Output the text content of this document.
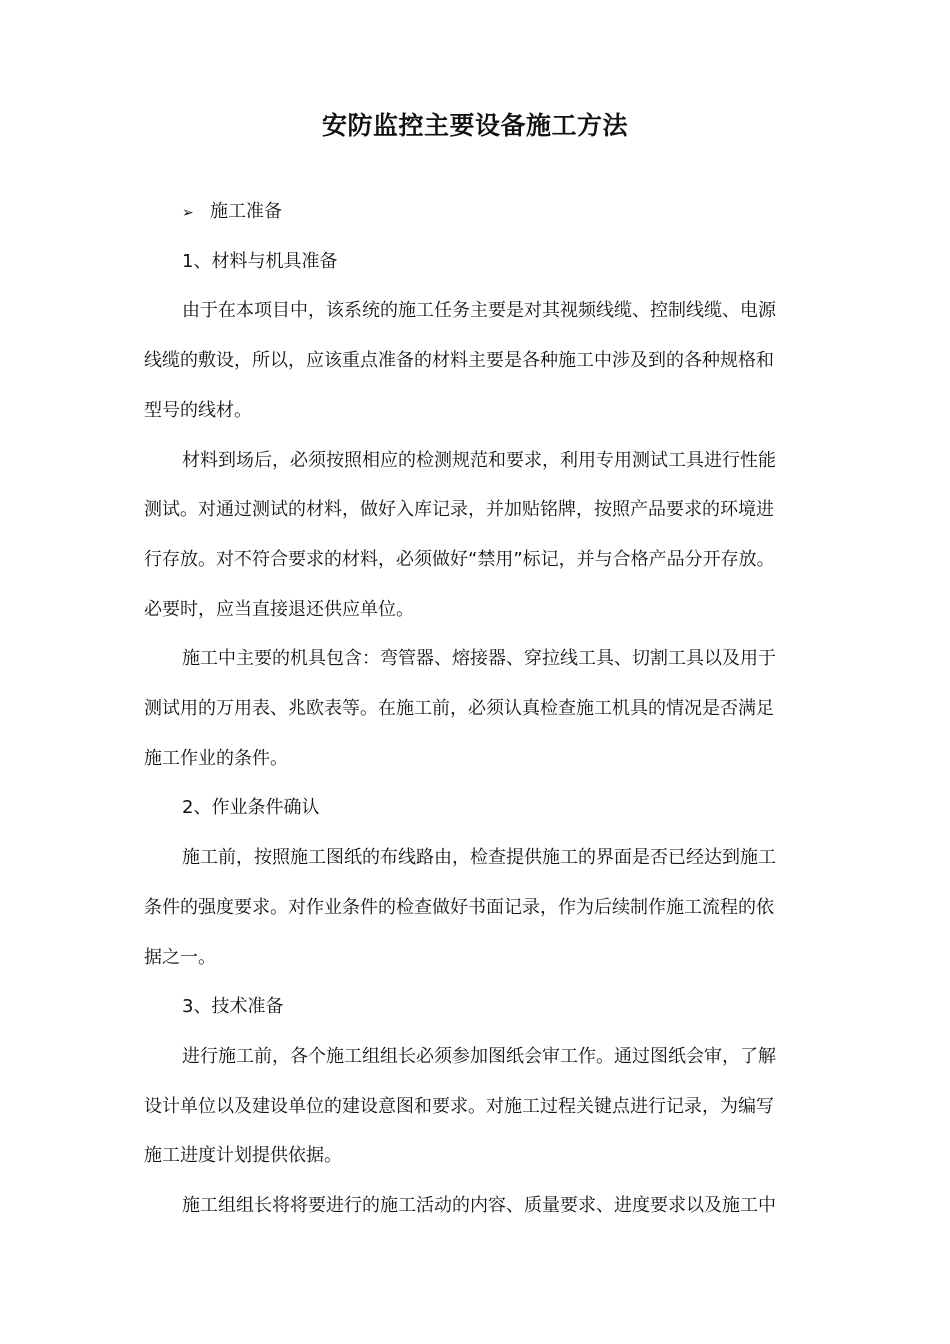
安防监控主要设备施工方法
➢ 施工准备
1、材料与机具准备
由于在本项目中，该系统的施工任务主要是对其视频线缆、控制线缆、电源
线缆的敷设，所以，应该重点准备的材料主要是各种施工中涉及到的各种规格和
型号的线材。
材料到场后，必须按照相应的检测规范和要求，利用专用测试工具进行性能
测试。对通过测试的材料，做好入库记录，并加贴铭牌，按照产品要求的环境进
行存放。对不符合要求的材料，必须做好“禁用”标记，并与合格产品分开存放。
必要时，应当直接退还供应单位。
施工中主要的机具包含：弯管器、熔接器、穿拉线工具、切割工具以及用于
测试用的万用表、兆欧表等。在施工前，必须认真检查施工机具的情况是否满足
施工作业的条件。
2、作业条件确认
施工前，按照施工图纸的布线路由，检查提供施工的界面是否已经达到施工
条件的强度要求。对作业条件的检查做好书面记录，作为后续制作施工流程的依
据之一。
3、技术准备
进行施工前，各个施工组组长必须参加图纸会审工作。通过图纸会审，了解
设计单位以及建设单位的建设意图和要求。对施工过程关键点进行记录，为编写
施工进度计划提供依据。
施工组组长将将要进行的施工活动的内容、质量要求、进度要求以及施工中
